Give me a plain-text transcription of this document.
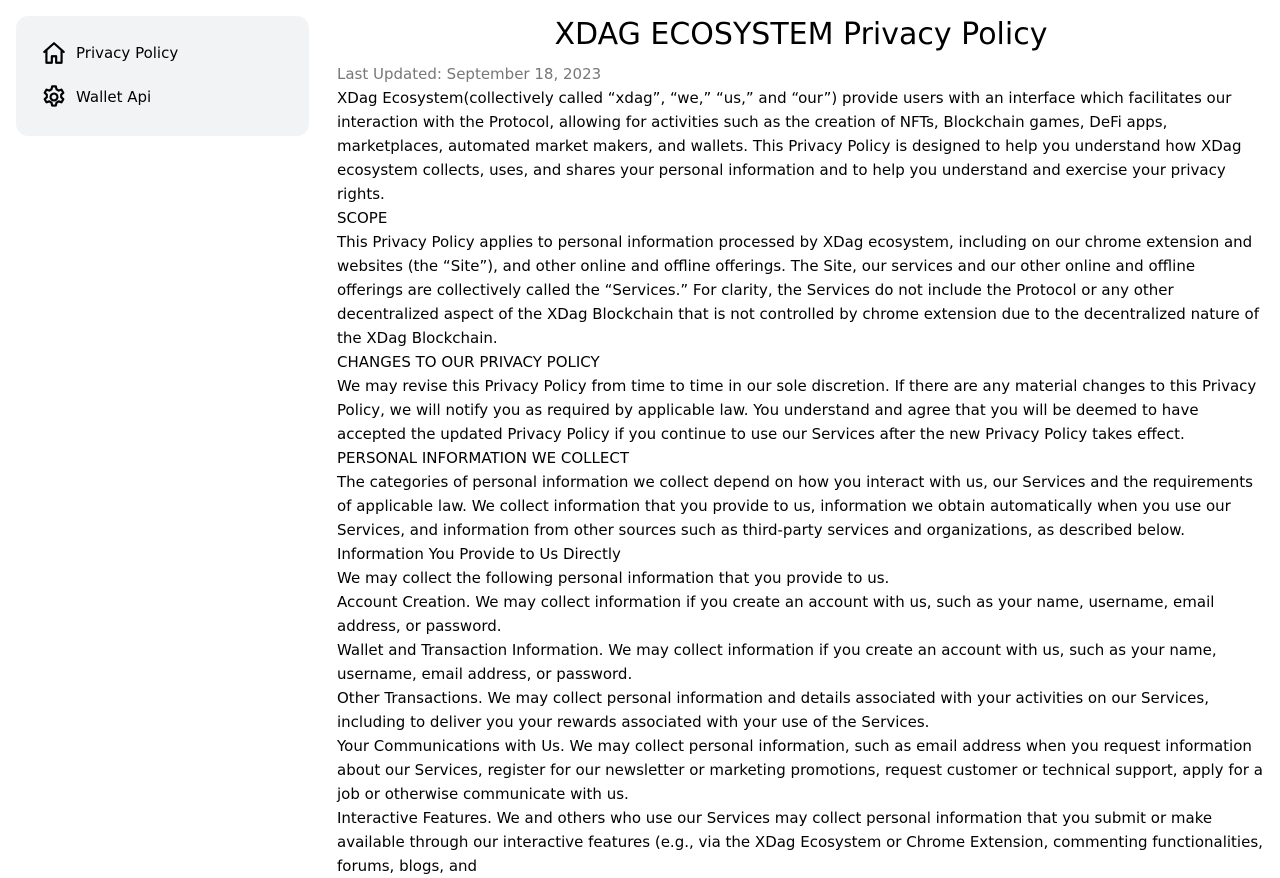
Privacy Policy
Wallet Api
XDAG ECOSYSTEM Privacy Policy
Last Updated: September 18, 2023

XDag Ecosystem(collectively called “xdag”, “we,” “us,” and “our”) provide users with an interface which facilitates our interaction with the Protocol, allowing for activities such as the creation of NFTs, Blockchain games, DeFi apps, marketplaces, automated market makers, and wallets. This Privacy Policy is designed to help you understand how XDag ecosystem collects, uses, and shares your personal information and to help you understand and exercise your privacy rights.

SCOPE

This Privacy Policy applies to personal information processed by XDag ecosystem, including on our chrome extension and websites (the “Site”), and other online and offline offerings. The Site, our services and our other online and offline offerings are collectively called the “Services.” For clarity, the Services do not include the Protocol or any other decentralized aspect of the XDag Blockchain that is not controlled by chrome extension due to the decentralized nature of the XDag Blockchain.

CHANGES TO OUR PRIVACY POLICY

We may revise this Privacy Policy from time to time in our sole discretion. If there are any material changes to this Privacy Policy, we will notify you as required by applicable law. You understand and agree that you will be deemed to have accepted the updated Privacy Policy if you continue to use our Services after the new Privacy Policy takes effect.

PERSONAL INFORMATION WE COLLECT

The categories of personal information we collect depend on how you interact with us, our Services and the requirements of applicable law. We collect information that you provide to us, information we obtain automatically when you use our Services, and information from other sources such as third-party services and organizations, as described below.

Information You Provide to Us Directly

We may collect the following personal information that you provide to us.

Account Creation. We may collect information if you create an account with us, such as your name, username, email address, or password.

Wallet and Transaction Information. We may collect information if you create an account with us, such as your name, username, email address, or password.

Other Transactions. We may collect personal information and details associated with your activities on our Services, including to deliver you your rewards associated with your use of the Services.

Your Communications with Us. We may collect personal information, such as email address when you request information about our Services, register for our newsletter or marketing promotions, request customer or technical support, apply for a job or otherwise communicate with us.

Interactive Features. We and others who use our Services may collect personal information that you submit or make available through our interactive features (e.g., via the XDag Ecosystem or Chrome Extension, commenting functionalities, forums, blogs, and
